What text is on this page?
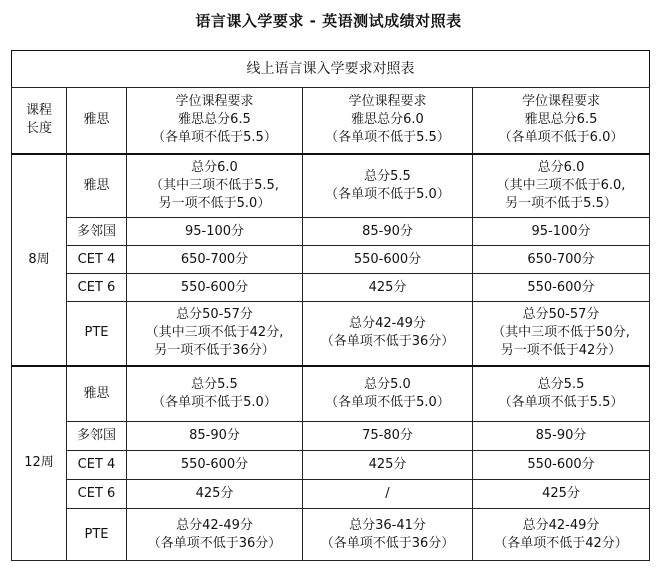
语言课入学要求 - 英语测试成绩对照表
线上语言课入学要求对照表				

课程
长度	雅思	学位课程要求
雅思总分6.5
（各单项不低于5.5）	学位课程要求
雅思总分6.0
（各单项不低于5.5）	学位课程要求
雅思总分6.5
（各单项不低于6.0）

8周	雅思	总分6.0
（其中三项不低于5.5,
另一项不低于5.0）	总分5.5
（各单项不低于5.0）	总分6.0
（其中三项不低于6.0,
另一项不低于5.5）

	多邻国	95-100分	85-90分	95-100分
	CET 4	650-700分	550-600分	650-700分
	CET 6	550-600分	425分	550-600分
	PTE	总分50-57分
（其中三项不低于42分,
另一项不低于36分）	总分42-49分
（各单项不低于36分）	总分50-57分
（其中三项不低于50分,
另一项不低于42分）

12周	雅思	总分5.5
（各单项不低于5.0）	总分5.0
（各单项不低于5.0）	总分5.5
（各单项不低于5.5）

	多邻国	85-90分	75-80分	85-90分
	CET 4	550-600分	425分	550-600分
	CET 6	425分	/	425分
	PTE	总分42-49分
（各单项不低于36分）	总分36-41分
（各单项不低于36分）	总分42-49分
（各单项不低于42分）
